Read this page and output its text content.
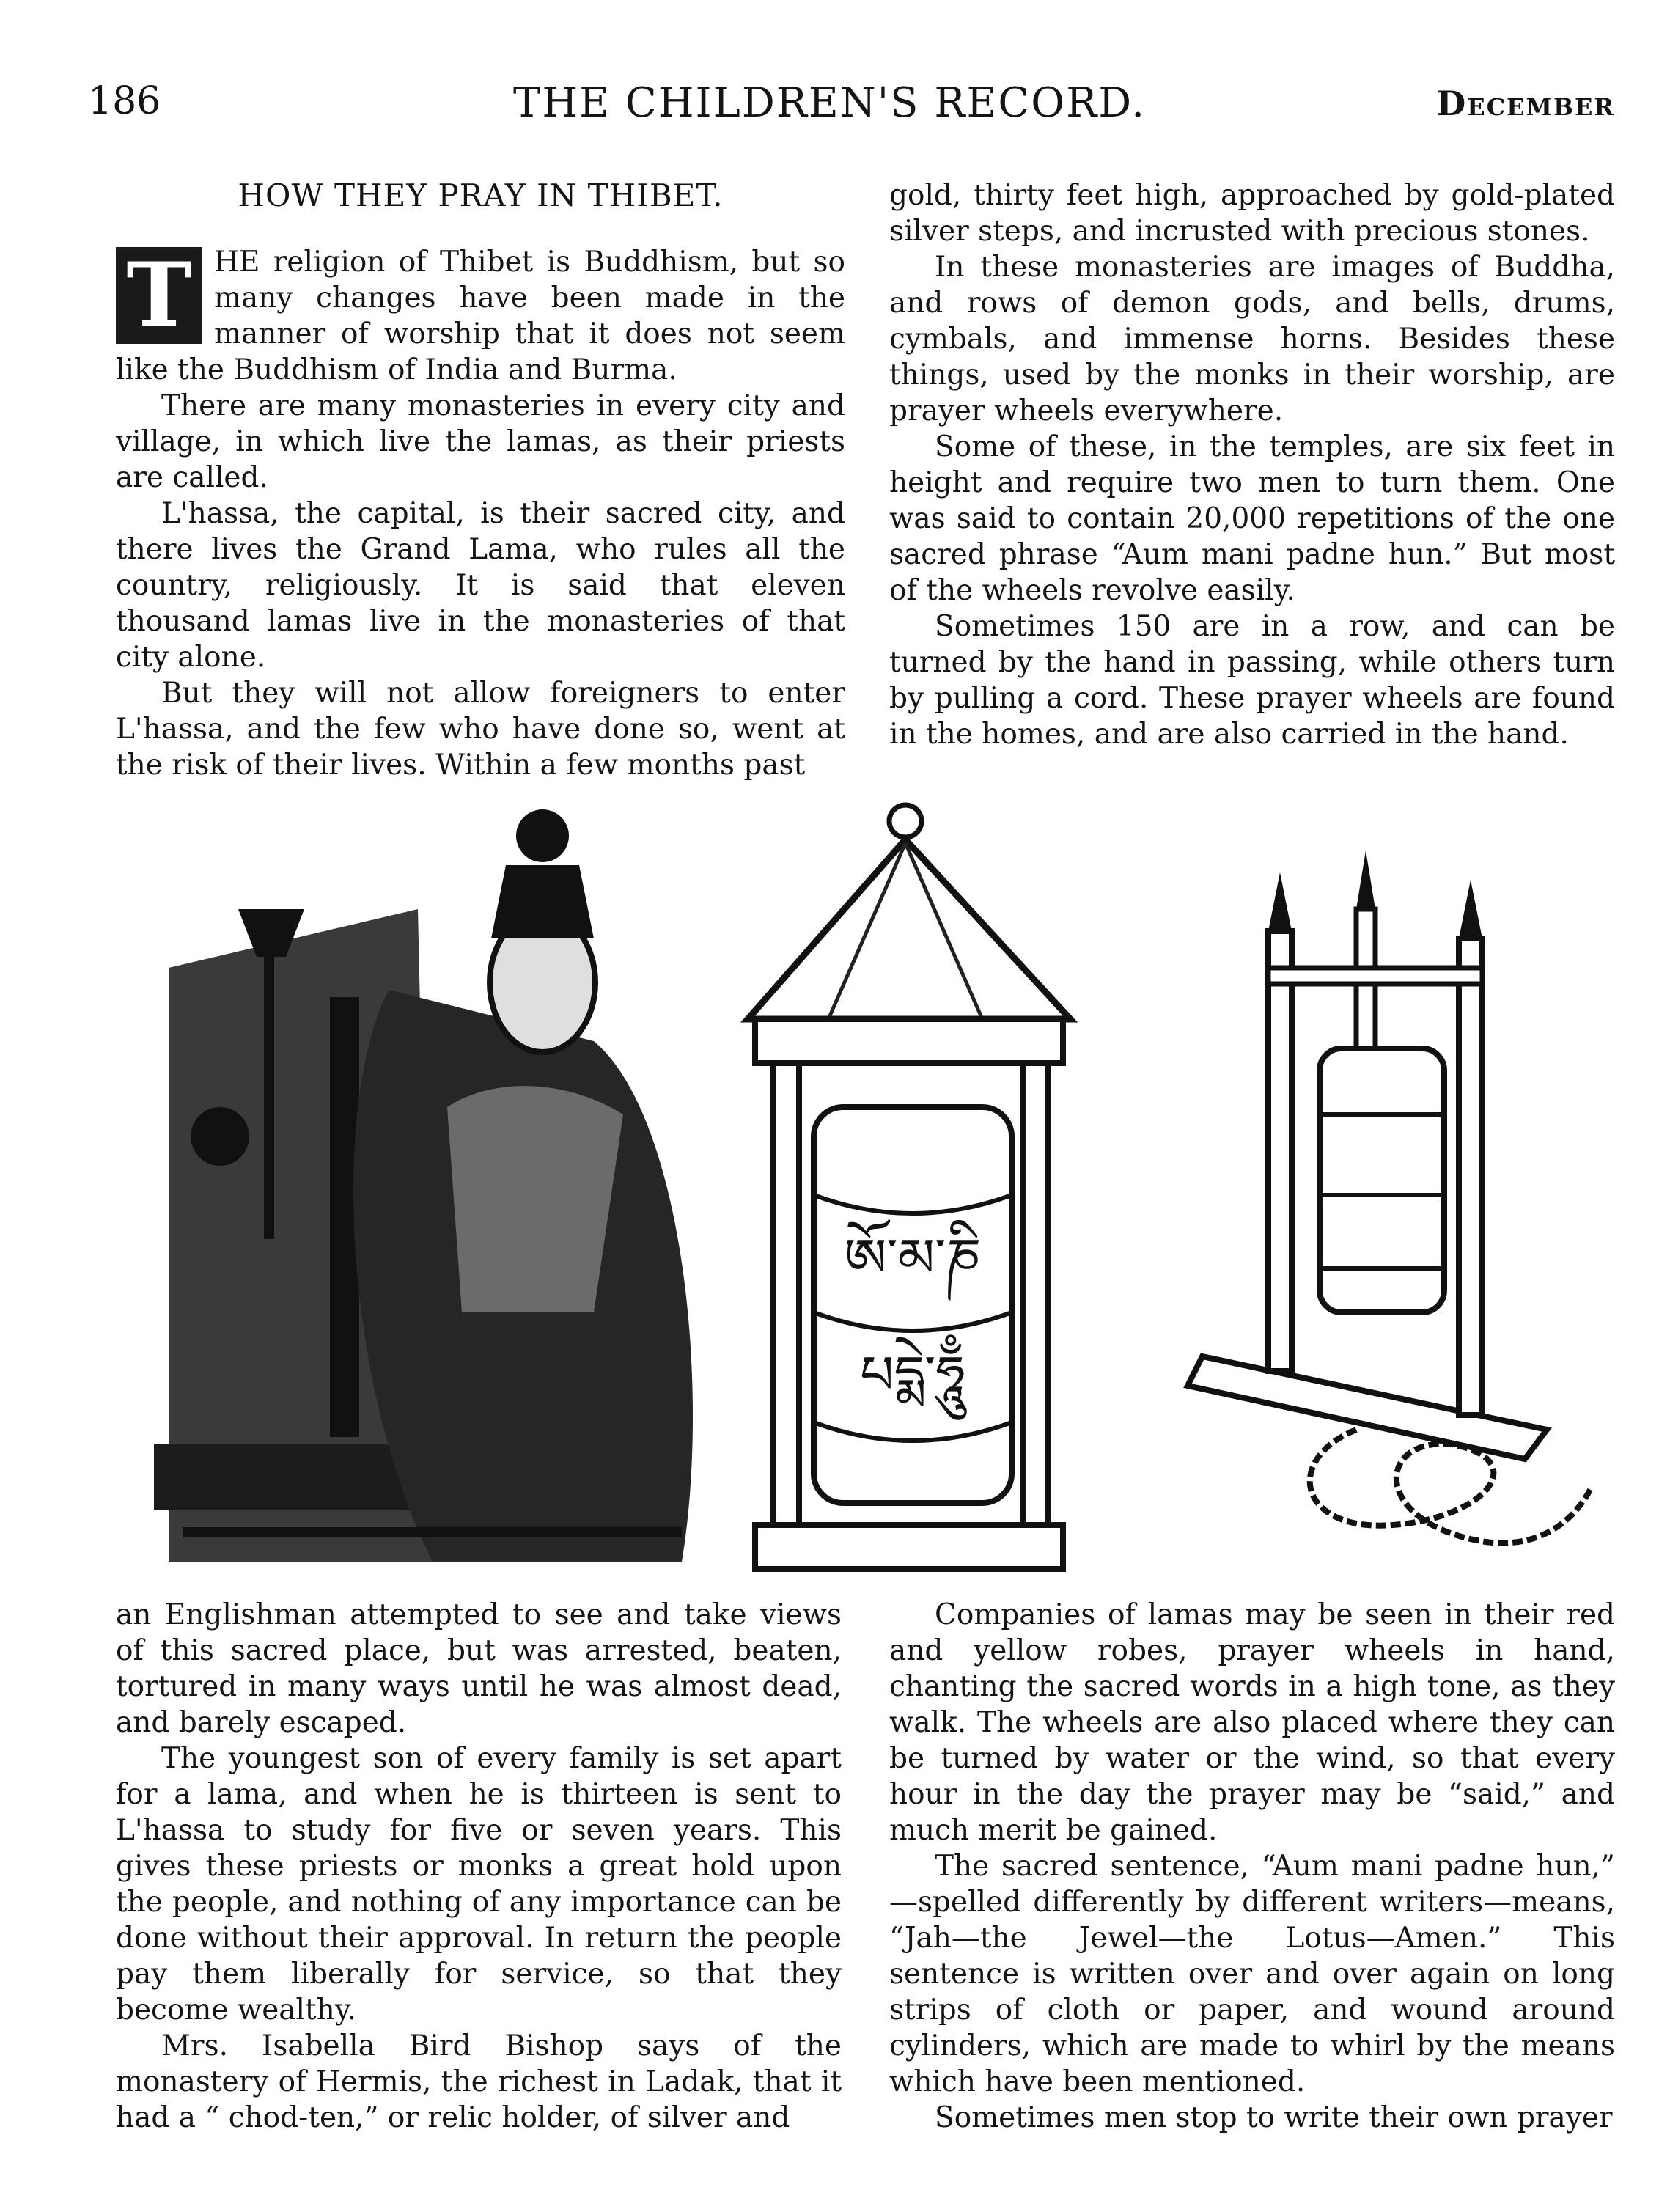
186	THE CHILDREN'S RECORD.	December
HOW THEY PRAY IN THIBET.
T HE religion of Thibet is Buddhism, but so many changes have been made in the manner of worship that it does not seem like the Buddhism of India and Burma.

There are many monasteries in every city and village, in which live the lamas, as their priests are called.

L'hassa, the capital, is their sacred city, and there lives the Grand Lama, who rules all the country, religiously. It is said that eleven thousand lamas live in the monasteries of that city alone.

But they will not allow foreigners to enter L'hassa, and the few who have done so, went at the risk of their lives. Within a few months past

gold, thirty feet high, approached by gold-plated silver steps, and incrusted with precious stones.

In these monasteries are images of Buddha, and rows of demon gods, and bells, drums, cymbals, and immense horns. Besides these things, used by the monks in their worship, are prayer wheels everywhere.

Some of these, in the temples, are six feet in height and require two men to turn them. One was said to contain 20,000 repetitions of the one sacred phrase “Aum mani padne hun.” But most of the wheels revolve easily.

Sometimes 150 are in a row, and can be turned by the hand in passing, while others turn by pulling a cord. These prayer wheels are found in the homes, and are also carried in the hand.

ཨོ་མ་ཎི
པདྨེ་ཧཱུྃ

an Englishman attempted to see and take views of this sacred place, but was arrested, beaten, tortured in many ways until he was almost dead, and barely escaped.

The youngest son of every family is set apart for a lama, and when he is thirteen is sent to L'hassa to study for five or seven years. This gives these priests or monks a great hold upon the people, and nothing of any importance can be done without their approval. In return the people pay them liberally for service, so that they become wealthy.

Mrs. Isabella Bird Bishop says of the monastery of Hermis, the richest in Ladak, that it had a “ chod-ten,” or relic holder, of silver and

Companies of lamas may be seen in their red and yellow robes, prayer wheels in hand, chanting the sacred words in a high tone, as they walk. The wheels are also placed where they can be turned by water or the wind, so that every hour in the day the prayer may be “said,” and much merit be gained.

The sacred sentence, “Aum mani padne hun,” —spelled differently by different writers—means, “Jah—the Jewel—the Lotus—Amen.” This sentence is written over and over again on long strips of cloth or paper, and wound around cylinders, which are made to whirl by the means which have been mentioned.

Sometimes men stop to write their own prayer
